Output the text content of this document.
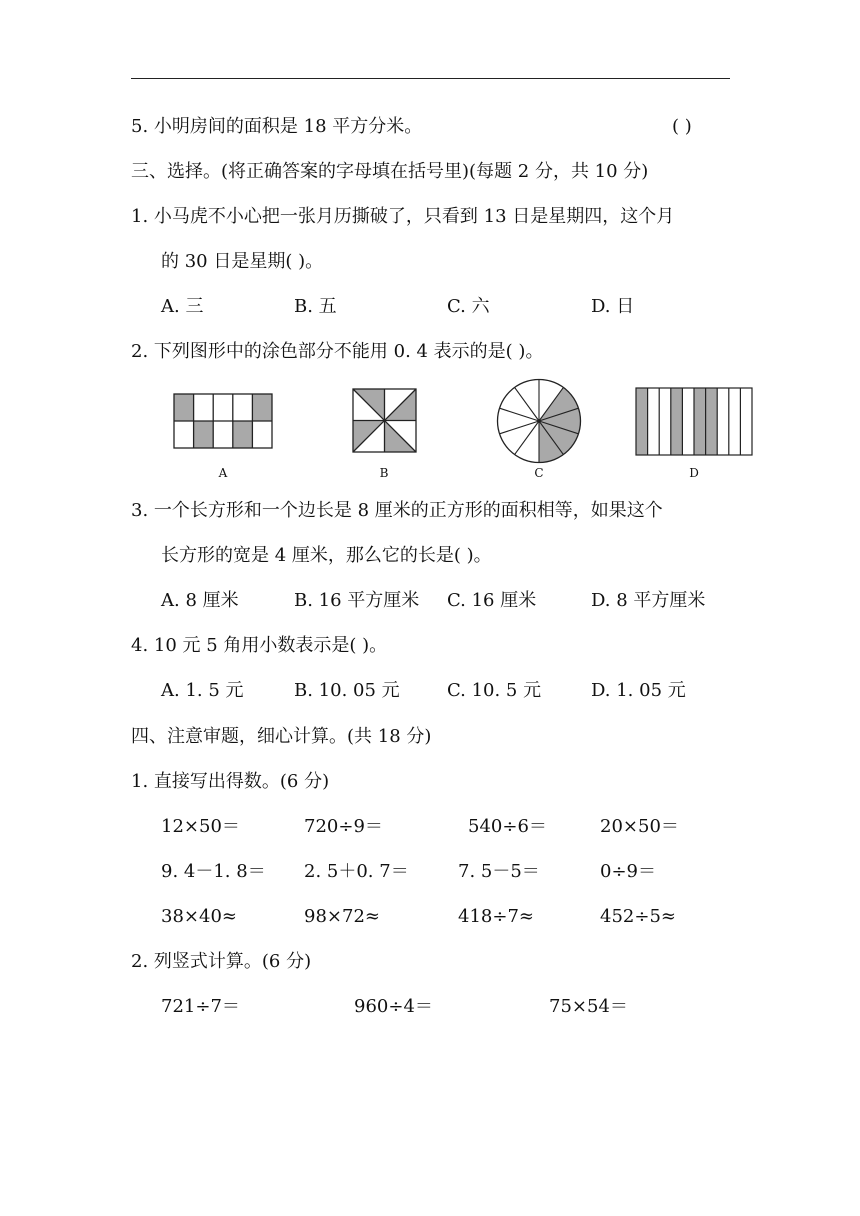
5. 小明房间的面积是 18 平方分米。	( )
三、选择。(将正确答案的字母填在括号里)(每题 2 分，共 10 分)
1. 小马虎不小心把一张月历撕破了，只看到 13 日是星期四，这个月
的 30 日是星期( )。
A. 三	B. 五	C. 六	D. 日
2. 下列图形中的涂色部分不能用 0. 4 表示的是( )。
A	B	C	D
3. 一个长方形和一个边长是 8 厘米的正方形的面积相等，如果这个
长方形的宽是 4 厘米，那么它的长是( )。
A. 8 厘米	B. 16 平方厘米 C. 16 厘米	D. 8 平方厘米
4. 10 元 5 角用小数表示是( )。
A. 1. 5 元	B. 10. 05 元	C. 10. 5 元	D. 1. 05 元
四、注意审题，细心计算。(共 18 分)
1. 直接写出得数。(6 分)
12×50＝	720÷9＝	540÷6＝	20×50＝
9. 4－1. 8＝ 2. 5＋0. 7＝	7. 5－5＝	0÷9＝
38×40≈	98×72≈	418÷7≈	452÷5≈
2. 列竖式计算。(6 分)
721÷7＝	960÷4＝	75×54＝
